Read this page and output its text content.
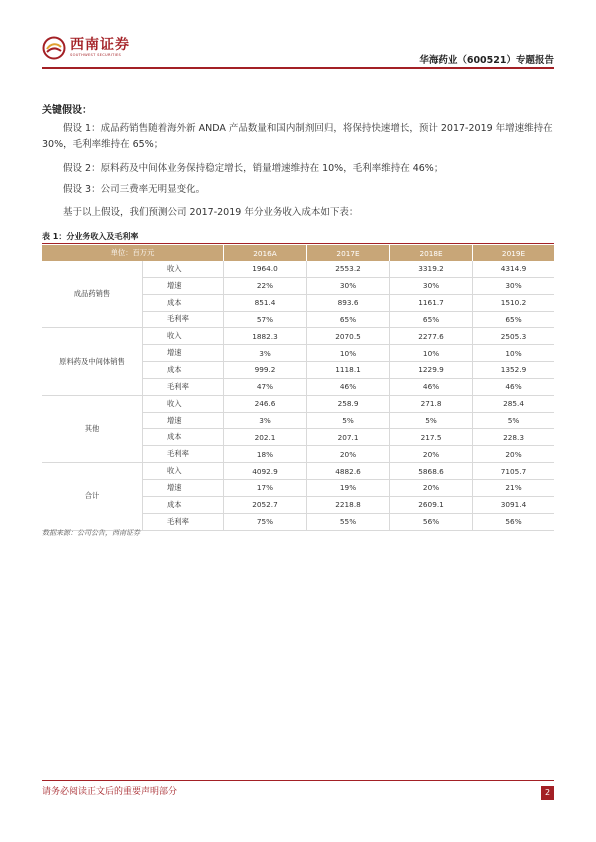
西南证券
SOUTHWEST SECURITIES	华海药业（600521）专题报告
关键假设：
假设 1：成品药销售随着海外新 ANDA 产品数量和国内制剂回归，将保持快速增长，预计 2017-2019 年增速维持在 30%，毛利率维持在 65%；
假设 2：原料药及中间体业务保持稳定增长，销量增速维持在 10%，毛利率维持在 46%；
假设 3：公司三费率无明显变化。
基于以上假设，我们预测公司 2017-2019 年分业务收入成本如下表：
表 1：分业务收入及毛利率
单位：百万元		2016A	2017E	2018E	2019E
成品药销售	收入	1964.0	2553.2	3319.2	4314.9
	增速	22%	30%	30%	30%
	成本	851.4	893.6	1161.7	1510.2
	毛利率	57%	65%	65%	65%
原料药及中间体销售	收入	1882.3	2070.5	2277.6	2505.3
	增速	3%	10%	10%	10%
	成本	999.2	1118.1	1229.9	1352.9
	毛利率	47%	46%	46%	46%
其他	收入	246.6	258.9	271.8	285.4
	增速	3%	5%	5%	5%
	成本	202.1	207.1	217.5	228.3
	毛利率	18%	20%	20%	20%
合计	收入	4092.9	4882.6	5868.6	7105.7
	增速	17%	19%	20%	21%
	成本	2052.7	2218.8	2609.1	3091.4
	毛利率	75%	55%	56%	56%
数据来源：公司公告，西南证券
请务必阅读正文后的重要声明部分	2
